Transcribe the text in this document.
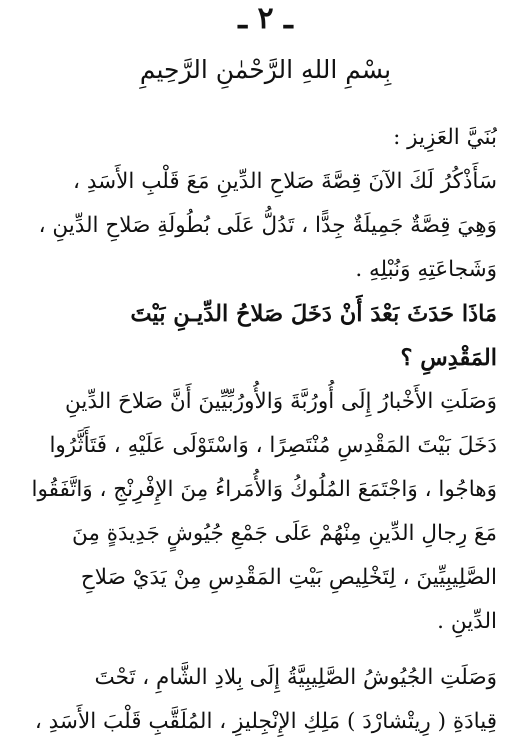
ـ ٢ ـ
بِسْمِ اللهِ الرَّحْمٰنِ الرَّحِيمِ
بُنَيَّ العَزِيز :
سَأَذْكُرُ لَكَ الآنَ قِصَّةَ صَلاحِ الدِّينِ مَعَ قَلْبِ الأَسَدِ ،
وَهِيَ قِصَّةٌ جَمِيلَةٌ جِدًّا ، تَدُلُّ عَلَى بُطُولَةِ صَلاحِ الدِّينِ ،
وَشَجاعَتِهِ وَنُبْلِهِ .
مَاذَا حَدَثَ بَعْدَ أَنْ دَخَلَ صَلاحُ الدِّيـنِ بَيْتَ
المَقْدِسِ ؟
وَصَلَتِ الأَخْبارُ إِلَى أُورُبَّةَ وَالأُورُبِّيِّينَ أَنَّ صَلاحَ الدِّينِ
دَخَلَ بَيْتَ المَقْدِسِ مُنْتَصِرًا ، وَاسْتَوْلَى عَلَيْهِ ، فَتَأَثَّرُوا
وَهاجُوا ، وَاجْتَمَعَ المُلُوكُ وَالأُمَراءُ مِنَ الإِفْرِنْجِ ، وَاتَّفَقُوا
مَعَ رِجالِ الدِّينِ مِنْهُمْ عَلَى جَمْعِ جُيُوشٍ جَدِيدَةٍ مِنَ
الصَّلِيبِيِّينَ ، لِتَخْلِيصِ بَيْتِ المَقْدِسِ مِنْ يَدَيْ صَلاحِ
الدِّينِ .
وَصَلَتِ الجُيُوشُ الصَّلِيبِيَّةُ إِلَى بِلادِ الشَّامِ ، تَحْتَ
قِيادَةِ ( رِيتْشارْدَ ) مَلِكِ الإِنْجِليزِ ، المُلَقَّبِ قَلْبَ الأَسَدِ ،
